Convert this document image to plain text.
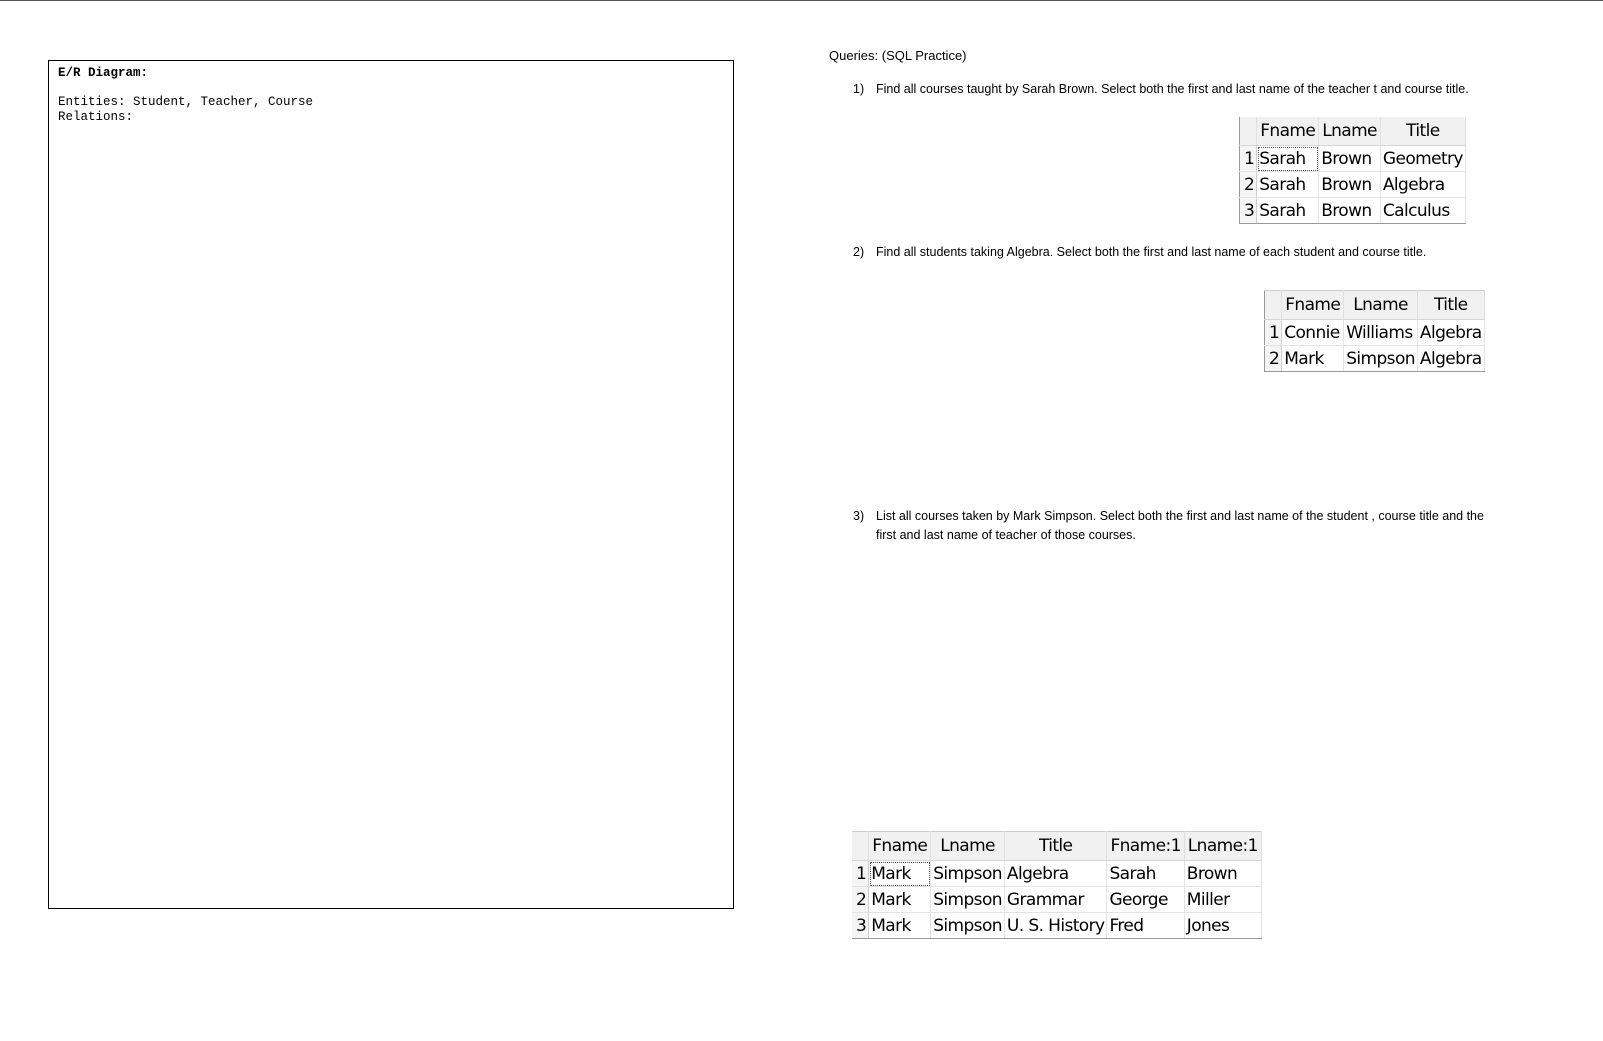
E/R Diagram:
Entities: Student, Teacher, Course
Relations:
Queries: (SQL Practice)
1) Find all courses taught by Sarah Brown. Select both the first and last name of the teacher t and course title.
	Fname	Lname	Title
1	Sarah	Brown	Geometry
2	Sarah	Brown	Algebra
3	Sarah	Brown	Calculus
2) Find all students taking Algebra. Select both the first and last name of each student and course title.
	Fname	Lname	Title
1	Connie	Williams	Algebra
2	Mark	Simpson	Algebra
3) List all courses taken by Mark Simpson. Select both the first and last name of the student , course title and the
first and last name of teacher of those courses.
	Fname	Lname	Title	Fname:1	Lname:1
1	Mark	Simpson	Algebra	Sarah	Brown
2	Mark	Simpson	Grammar	George	Miller
3	Mark	Simpson	U. S. History	Fred	Jones
